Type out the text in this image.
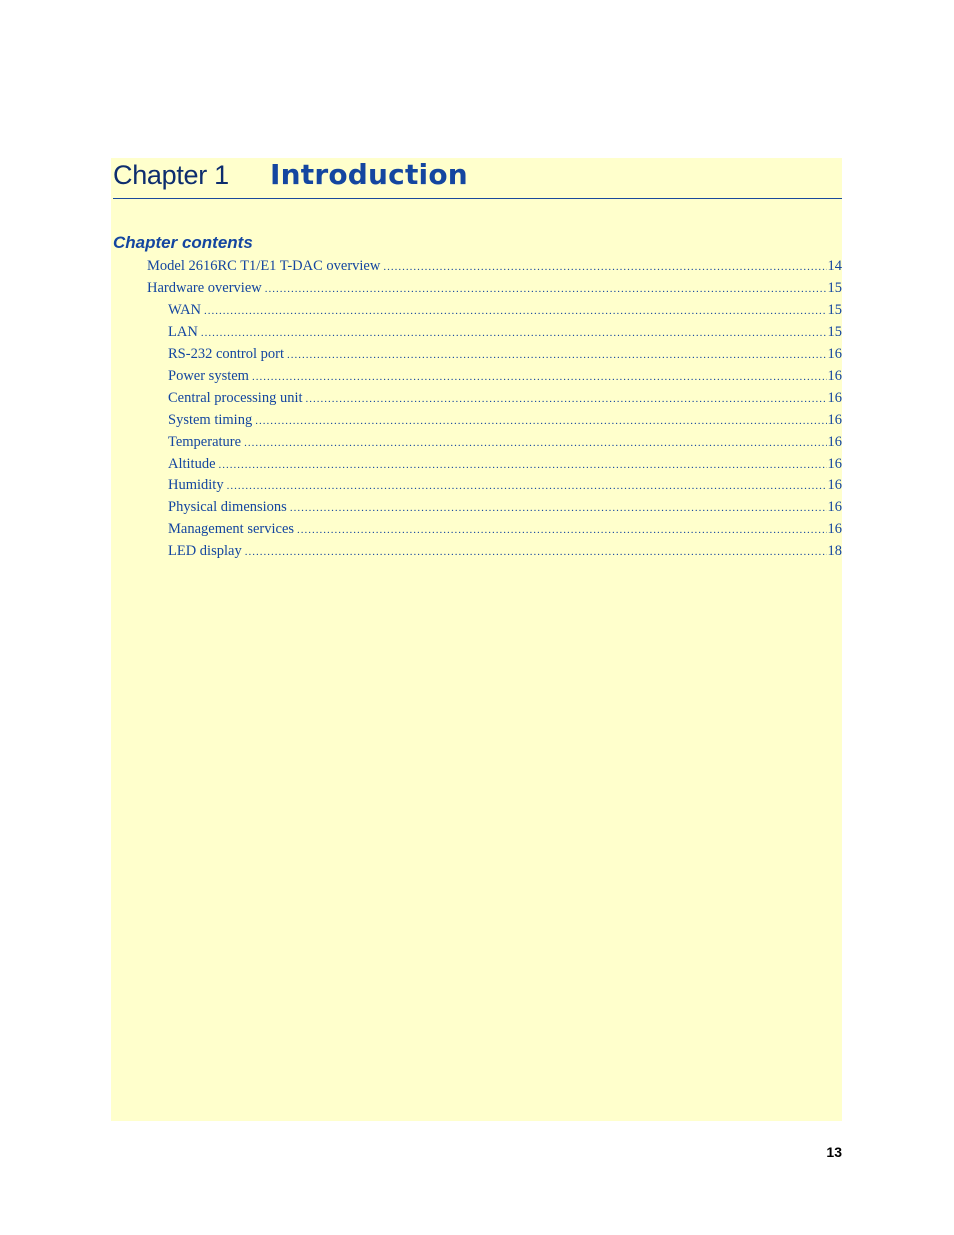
Chapter 1 Introduction
Chapter contents
Model 2616RC T1/E1 T-DAC overview .....	14
Hardware overview .....	15
WAN .....	15
LAN .....	15
RS-232 control port .....	16
Power system .....	16
Central processing unit .....	16
System timing .....	16
Temperature .....	16
Altitude .....	16
Humidity .....	16
Physical dimensions .....	16
Management services .....	16
LED display .....	18
13
